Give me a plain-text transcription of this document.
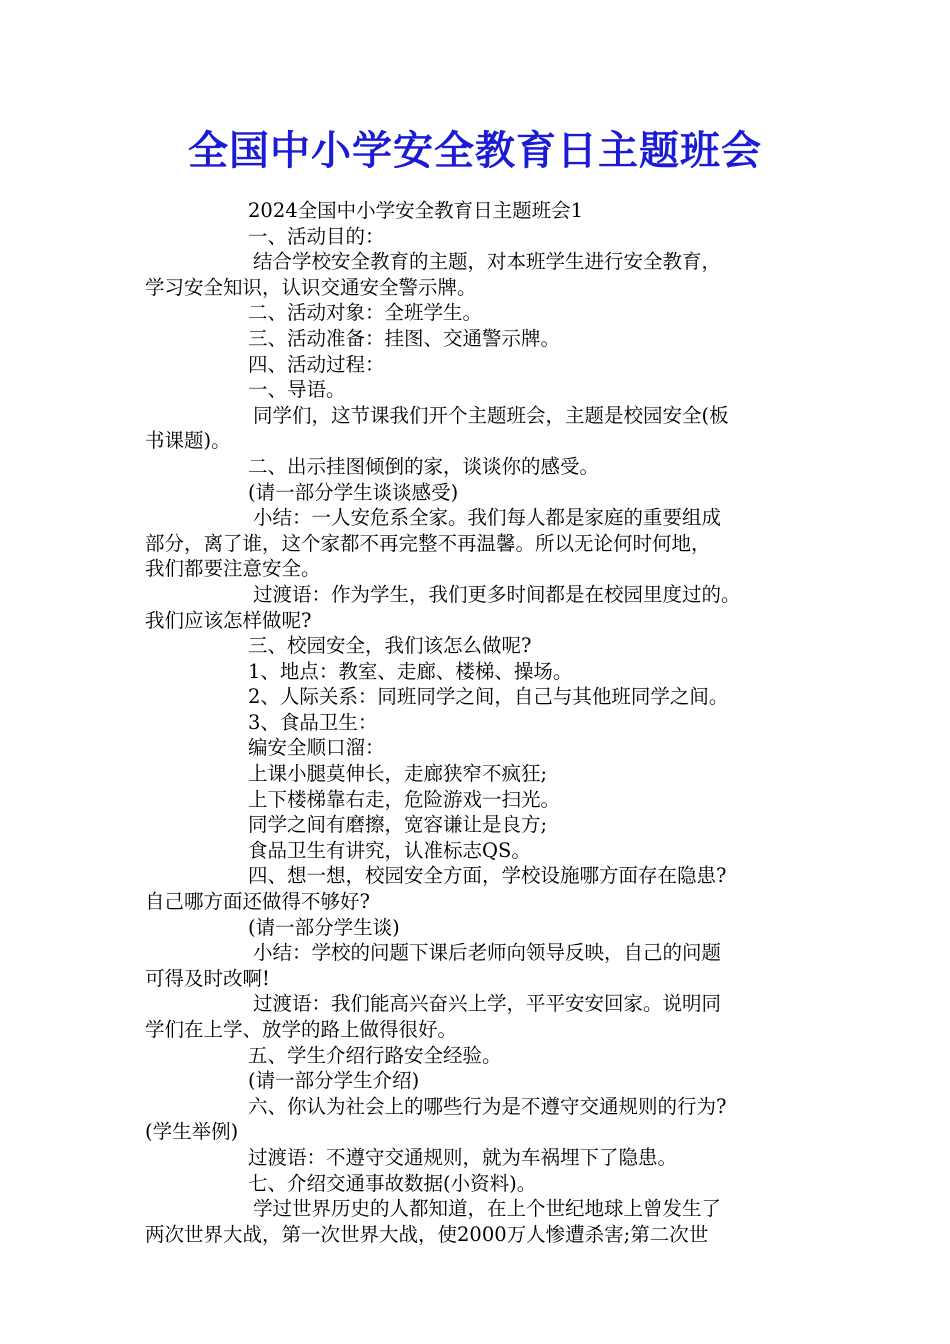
全国中小学安全教育日主题班会
2024全国中小学安全教育日主题班会1
一、活动目的：
结合学校安全教育的主题，对本班学生进行安全教育，
学习安全知识，认识交通安全警示牌。
二、活动对象：全班学生。
三、活动准备：挂图、交通警示牌。
四、活动过程：
一、导语。
同学们，这节课我们开个主题班会，主题是校园安全(板
书课题)。
二、出示挂图倾倒的家，谈谈你的感受。
(请一部分学生谈谈感受)
小结：一人安危系全家。我们每人都是家庭的重要组成
部分，离了谁，这个家都不再完整不再温馨。所以无论何时何地，
我们都要注意安全。
过渡语：作为学生，我们更多时间都是在校园里度过的。
我们应该怎样做呢?
三、校园安全，我们该怎么做呢?
1、地点：教室、走廊、楼梯、操场。
2、人际关系：同班同学之间，自己与其他班同学之间。
3、食品卫生：
编安全顺口溜：
上课小腿莫伸长，走廊狭窄不疯狂;
上下楼梯靠右走，危险游戏一扫光。
同学之间有磨擦，宽容谦让是良方;
食品卫生有讲究，认准标志QS。
四、想一想，校园安全方面，学校设施哪方面存在隐患?
自己哪方面还做得不够好?
(请一部分学生谈)
小结：学校的问题下课后老师向领导反映，自己的问题
可得及时改啊!
过渡语：我们能高兴奋兴上学，平平安安回家。说明同
学们在上学、放学的路上做得很好。
五、学生介绍行路安全经验。
(请一部分学生介绍)
六、你认为社会上的哪些行为是不遵守交通规则的行为?
(学生举例)
过渡语：不遵守交通规则，就为车祸埋下了隐患。
七、介绍交通事故数据(小资料)。
学过世界历史的人都知道，在上个世纪地球上曾发生了
两次世界大战，第一次世界大战，使2000万人惨遭杀害;第二次世
